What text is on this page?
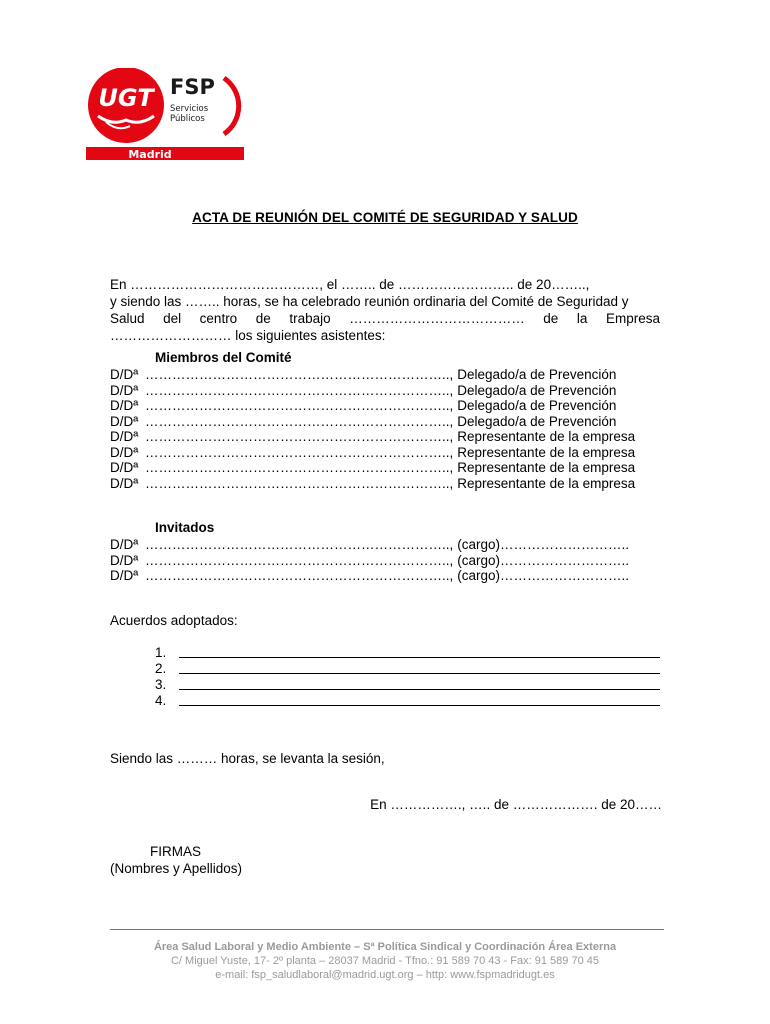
UGT FSP
Servicios
Públicos
Madrid
ACTA DE REUNIÓN DEL COMITÉ DE SEGURIDAD Y SALUD
En ……………………………………, el …….. de …………………….. de 20……..,
y siendo las …….. horas, se ha celebrado reunión ordinaria del Comité de Seguridad y
Salud del centro de trabajo ………………………………… de la Empresa
……………………… los siguientes asistentes:
Miembros del Comité
D/Dª ………………………………………………………….., Delegado/a de Prevención
D/Dª ………………………………………………………….., Delegado/a de Prevención
D/Dª ………………………………………………………….., Delegado/a de Prevención
D/Dª ………………………………………………………….., Delegado/a de Prevención
D/Dª ………………………………………………………….., Representante de la empresa
D/Dª ………………………………………………………….., Representante de la empresa
D/Dª ………………………………………………………….., Representante de la empresa
D/Dª ………………………………………………………….., Representante de la empresa
Invitados
D/Dª ………………………………………………………….., (cargo)………………………..
D/Dª ………………………………………………………….., (cargo)………………………..
D/Dª ………………………………………………………….., (cargo)………………………..
Acuerdos adoptados:
1.
2.
3.
4.
Siendo las ……… horas, se levanta la sesión,
En ……………., ….. de ………………. de 20……
FIRMAS
(Nombres y Apellidos)
Área Salud Laboral y Medio Ambiente – Sª Política Sindical y Coordinación Área Externa
C/ Miguel Yuste, 17- 2º planta – 28037 Madrid - Tfno.: 91 589 70 43 - Fax: 91 589 70 45
e-mail: fsp_saludlaboral@madrid.ugt.org – http: www.fspmadridugt.es
